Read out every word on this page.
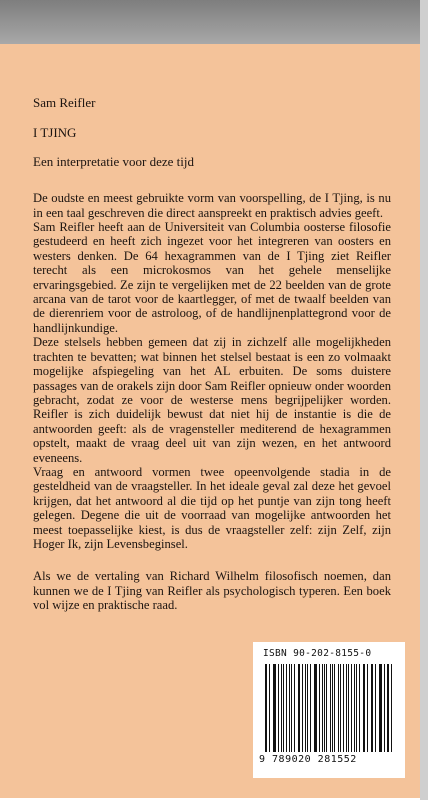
Sam Reifler

I TJING

Een interpretatie voor deze tijd

De oudste en meest gebruikte vorm van voorspelling, de I Tjing, is nu in een taal geschreven die direct aanspreekt en praktisch advies geeft.

Sam Reifler heeft aan de Universiteit van Columbia oosterse filosofie gestudeerd en heeft zich ingezet voor het integreren van oosters en westers denken. De 64 hexagrammen van de I Tjing ziet Reifler terecht als een microkosmos van het gehele menselijke ervaringsgebied. Ze zijn te vergelijken met de 22 beelden van de grote arcana van de tarot voor de kaartlegger, of met de twaalf beelden van de dierenriem voor de astroloog, of de handlijnenplattegrond voor de handlijnkundige.

Deze stelsels hebben gemeen dat zij in zichzelf alle mogelijkheden trachten te bevatten; wat binnen het stelsel bestaat is een zo volmaakt mogelijke afspiegeling van het AL erbuiten. De soms duistere passages van de orakels zijn door Sam Reifler opnieuw onder woorden gebracht, zodat ze voor de westerse mens begrijpelijker worden. Reifler is zich duidelijk bewust dat niet hij de instantie is die de antwoorden geeft: als de vragensteller mediterend de hexagrammen opstelt, maakt de vraag deel uit van zijn wezen, en het antwoord eveneens.

Vraag en antwoord vormen twee opeenvolgende stadia in de gesteldheid van de vraagsteller. In het ideale geval zal deze het gevoel krijgen, dat het antwoord al die tijd op het puntje van zijn tong heeft gelegen. Degene die uit de voorraad van mogelijke antwoorden het meest toepasselijke kiest, is dus de vraagsteller zelf: zijn Zelf, zijn Hoger Ik, zijn Levensbeginsel.

Als we de vertaling van Richard Wilhelm filosofisch noemen, dan kunnen we de I Tjing van Reifler als psychologisch typeren. Een boek vol wijze en praktische raad.

ISBN 90-202-8155-0
9 789020 281552
